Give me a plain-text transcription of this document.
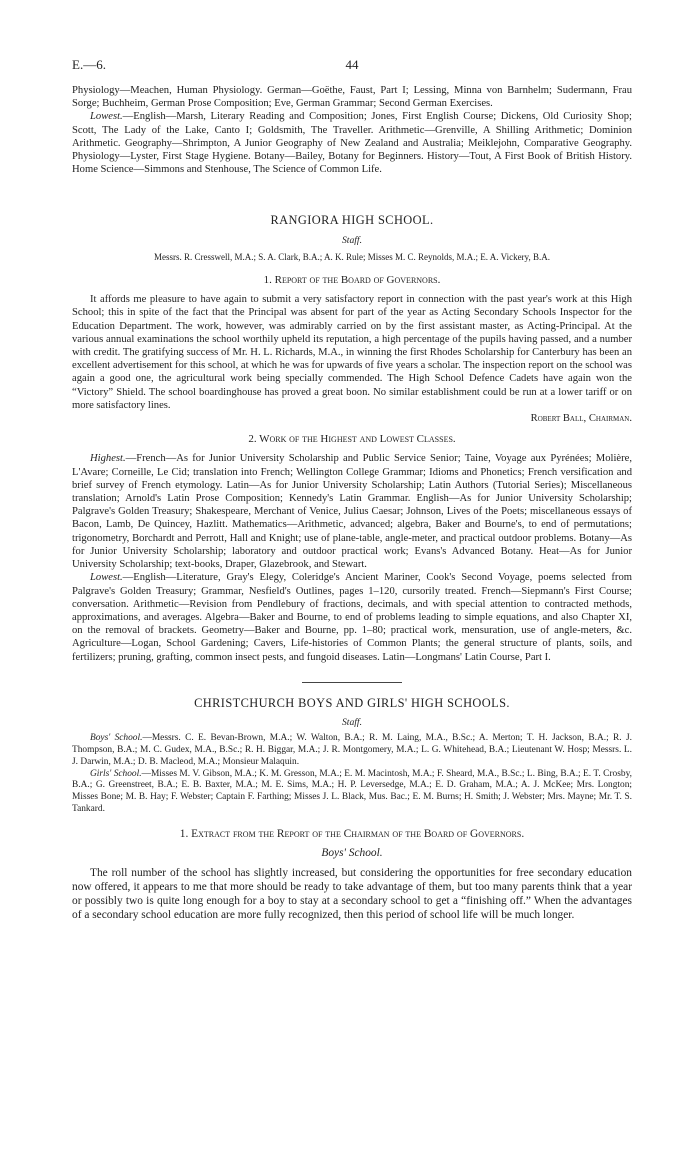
E.—6.	44

Physiology—Meachen, Human Physiology. German—Goëthe, Faust, Part I; Lessing, Minna von Barnhelm; Sudermann, Frau Sorge; Buchheim, German Prose Composition; Eve, German Grammar; Second German Exercises.

Lowest.—English—Marsh, Literary Reading and Composition; Jones, First English Course; Dickens, Old Curiosity Shop; Scott, The Lady of the Lake, Canto I; Goldsmith, The Traveller. Arithmetic—Grenville, A Shilling Arithmetic; Dominion Arithmetic. Geography—Shrimpton, A Junior Geography of New Zealand and Australia; Meiklejohn, Comparative Geography. Physiology—Lyster, First Stage Hygiene. Botany—Bailey, Botany for Beginners. History—Tout, A First Book of British History. Home Science—Simmons and Stenhouse, The Science of Common Life.

RANGIORA HIGH SCHOOL.
Staff.
Messrs. R. Cresswell, M.A.; S. A. Clark, B.A.; A. K. Rule; Misses M. C. Reynolds, M.A.; E. A. Vickery, B.A.
1. Report of the Board of Governors.

It affords me pleasure to have again to submit a very satisfactory report in connection with the past year's work at this High School; this in spite of the fact that the Principal was absent for part of the year as Acting Secondary Schools Inspector for the Education Department. The work, however, was admirably carried on by the first assistant master, as Acting-Principal. At the various annual examinations the school worthily upheld its reputation, a high percentage of the pupils having passed, and a number with credit. The gratifying success of Mr. H. L. Richards, M.A., in winning the first Rhodes Scholarship for Canterbury has been an excellent advertisement for this school, at which he was for upwards of five years a scholar. The inspection report on the school was again a good one, the agricultural work being specially commended. The High School Defence Cadets have again won the “Victory” Shield. The school boardinghouse has proved a great boon. No similar establishment could be run at a lower tariff or on more satisfactory lines.

Robert Ball, Chairman.
2. Work of the Highest and Lowest Classes.

Highest.—French—As for Junior University Scholarship and Public Service Senior; Taine, Voyage aux Pyrénées; Molière, L'Avare; Corneille, Le Cid; translation into French; Wellington College Grammar; Idioms and Phonetics; French versification and brief survey of French etymology. Latin—As for Junior University Scholarship; Latin Authors (Tutorial Series); Miscellaneous translation; Arnold's Latin Prose Composition; Kennedy's Latin Grammar. English—As for Junior University Scholarship; Palgrave's Golden Treasury; Shakespeare, Merchant of Venice, Julius Caesar; Johnson, Lives of the Poets; miscellaneous essays of Bacon, Lamb, De Quincey, Hazlitt. Mathematics—Arithmetic, advanced; algebra, Baker and Bourne's, to end of permutations; trigonometry, Borchardt and Perrott, Hall and Knight; use of plane-table, angle-meter, and practical outdoor problems. Botany—As for Junior University Scholarship; laboratory and outdoor practical work; Evans's Advanced Botany. Heat—As for Junior University Scholarship; text-books, Draper, Glazebrook, and Stewart.

Lowest.—English—Literature, Gray's Elegy, Coleridge's Ancient Mariner, Cook's Second Voyage, poems selected from Palgrave's Golden Treasury; Grammar, Nesfield's Outlines, pages 1–120, cursorily treated. French—Siepmann's First Course; conversation. Arithmetic—Revision from Pendlebury of fractions, decimals, and with special attention to contracted methods, approximations, and averages. Algebra—Baker and Bourne, to end of problems leading to simple equations, and also Chapter XI, on the removal of brackets. Geometry—Baker and Bourne, pp. 1–80; practical work, mensuration, use of angle-meters, &c. Agriculture—Logan, School Gardening; Cavers, Life-histories of Common Plants; the general structure of plants, soils, and fertilizers; pruning, grafting, common insect pests, and fungoid diseases. Latin—Longmans' Latin Course, Part I.

CHRISTCHURCH BOYS AND GIRLS' HIGH SCHOOLS.
Staff.

Boys' School.—Messrs. C. E. Bevan-Brown, M.A.; W. Walton, B.A.; R. M. Laing, M.A., B.Sc.; A. Merton; T. H. Jackson, B.A.; R. J. Thompson, B.A.; M. C. Gudex, M.A., B.Sc.; R. H. Biggar, M.A.; J. R. Montgomery, M.A.; L. G. Whitehead, B.A.; Lieutenant W. Hosp; Messrs. L. J. Darwin, M.A.; D. B. Macleod, M.A.; Monsieur Malaquin.

Girls' School.—Misses M. V. Gibson, M.A.; K. M. Gresson, M.A.; E. M. Macintosh, M.A.; F. Sheard, M.A., B.Sc.; L. Bing, B.A.; E. T. Crosby, B.A.; G. Greenstreet, B.A.; E. B. Baxter, M.A.; M. E. Sims, M.A.; H. P. Leversedge, M.A.; E. D. Graham, M.A.; A. J. McKee; Mrs. Longton; Misses Bone; M. B. Hay; F. Webster; Captain F. Farthing; Misses J. L. Black, Mus. Bac.; E. M. Burns; H. Smith; J. Webster; Mrs. Mayne; Mr. T. S. Tankard.

1. Extract from the Report of the Chairman of the Board of Governors.
Boys' School.

The roll number of the school has slightly increased, but considering the opportunities for free secondary education now offered, it appears to me that more should be ready to take advantage of them, but too many parents think that a year or possibly two is quite long enough for a boy to stay at a secondary school to get a “finishing off.” When the advantages of a secondary school education are more fully recognized, then this period of school life will be much longer.
